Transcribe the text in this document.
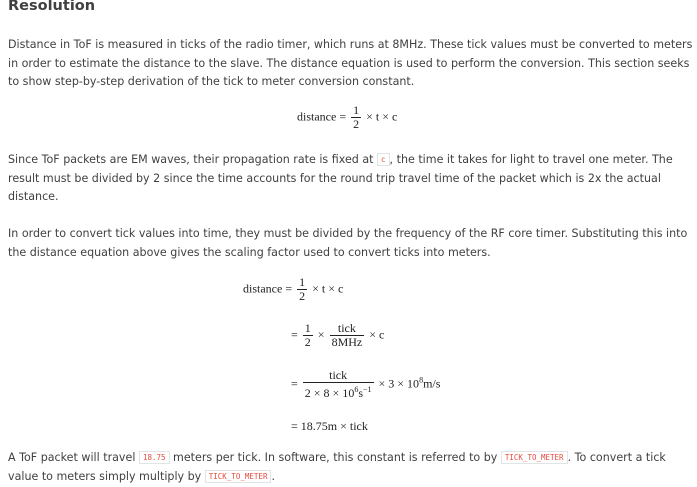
Resolution

Distance in ToF is measured in ticks of the radio timer, which runs at 8MHz. These tick values must be converted to meters in order to estimate the distance to the slave. The distance equation is used to perform the conversion. This section seeks to show step-by-step derivation of the tick to meter conversion constant.

distance = $\frac{1}{2} \times t \times c$

Since ToF packets are EM waves, their propagation rate is fixed at c , the time it takes for light to travel one meter. The result must be divided by 2 since the time accounts for the round trip travel time of the packet which is 2x the actual distance.

In order to convert tick values into time, they must be divided by the frequency of the RF core timer. Substituting this into the distance equation above gives the scaling factor used to convert ticks into meters.

distance = $\frac{1}{2} \times t \times c$
= $\frac{1}{2} \times \frac{\text{tick}}{\text{8MHz}} \times c$
= $\frac{\text{tick}}{2 \times 8 \times 10^6s^{-1}} \times 3 \times 10^8m/s$
= 18.75m × tick

A ToF packet will travel 18.75 meters per tick. In software, this constant is referred to by TICK_TO_METER . To convert a tick value to meters simply multiply by TICK_TO_METER .
